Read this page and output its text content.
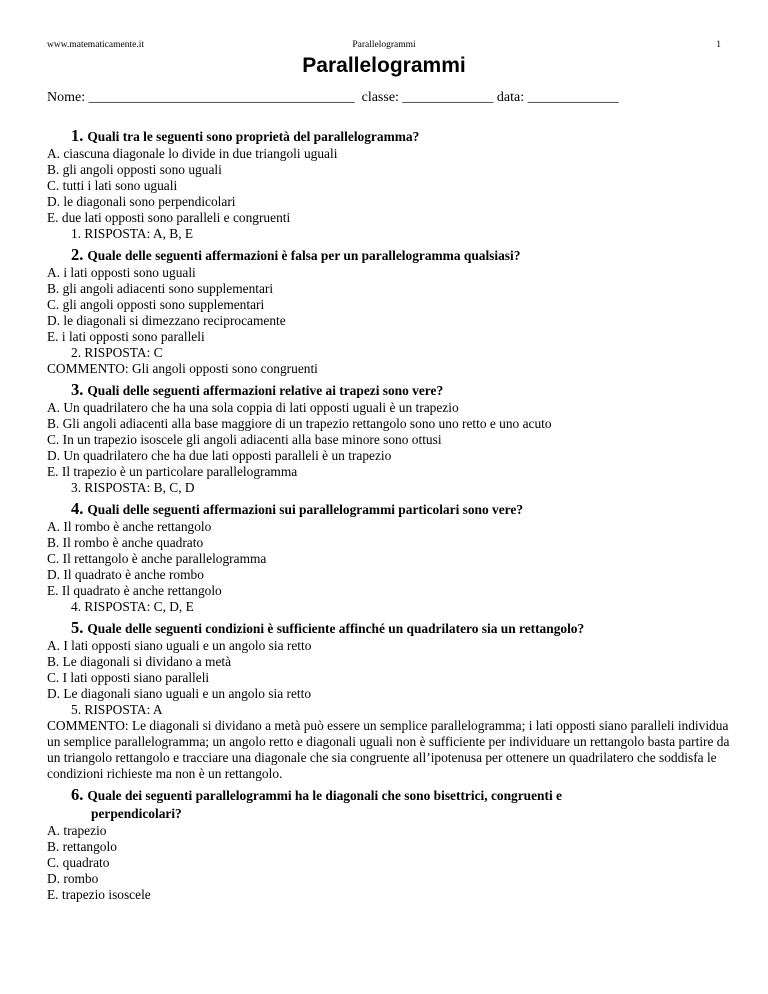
www.matematicamente.it	Parallelogrammi	1
Parallelogrammi
Nome: ______________________________________  classe: _____________ data: _____________
1. Quali tra le seguenti sono proprietà del parallelogramma?
A. ciascuna diagonale lo divide in due triangoli uguali
B. gli angoli opposti sono uguali
C. tutti i lati sono uguali
D. le diagonali sono perpendicolari
E. due lati opposti sono paralleli e congruenti
1. RISPOSTA: A, B, E
2. Quale delle seguenti affermazioni è falsa per un parallelogramma qualsiasi?
A. i lati opposti sono uguali
B. gli angoli adiacenti sono supplementari
C. gli angoli opposti sono supplementari
D. le diagonali si dimezzano reciprocamente
E. i lati opposti sono paralleli
2. RISPOSTA: C
COMMENTO: Gli angoli opposti sono congruenti
3. Quali delle seguenti affermazioni relative ai trapezi sono vere?
A. Un quadrilatero che ha una sola coppia di lati opposti uguali è un trapezio
B. Gli angoli adiacenti alla base maggiore di un trapezio rettangolo sono uno retto e uno acuto
C. In un trapezio isoscele gli angoli adiacenti alla base minore sono ottusi
D. Un quadrilatero che ha due lati opposti paralleli è un trapezio
E. Il trapezio è un particolare parallelogramma
3. RISPOSTA: B, C, D
4. Quali delle seguenti affermazioni sui parallelogrammi particolari sono vere?
A. Il rombo è anche rettangolo
B. Il rombo è anche quadrato
C. Il rettangolo è anche parallelogramma
D. Il quadrato è anche rombo
E. Il quadrato è anche rettangolo
4. RISPOSTA: C, D, E
5. Quale delle seguenti condizioni è sufficiente affinché un quadrilatero sia un rettangolo?
A. I lati opposti siano uguali e un angolo sia retto
B. Le diagonali si dividano a metà
C. I lati opposti siano paralleli
D. Le diagonali siano uguali e un angolo sia retto
5. RISPOSTA: A
COMMENTO: Le diagonali si dividano a metà può essere un semplice parallelogramma; i lati opposti siano paralleli individua un semplice parallelogramma; un angolo retto e diagonali uguali non è sufficiente per individuare un rettangolo basta partire da un triangolo rettangolo e tracciare una diagonale che sia congruente all’ipotenusa per ottenere un quadrilatero che soddisfa le condizioni richieste ma non è un rettangolo.
6. Quale dei seguenti parallelogrammi ha le diagonali che sono bisettrici, congruenti e
perpendicolari?
A. trapezio
B. rettangolo
C. quadrato
D. rombo
E. trapezio isoscele
